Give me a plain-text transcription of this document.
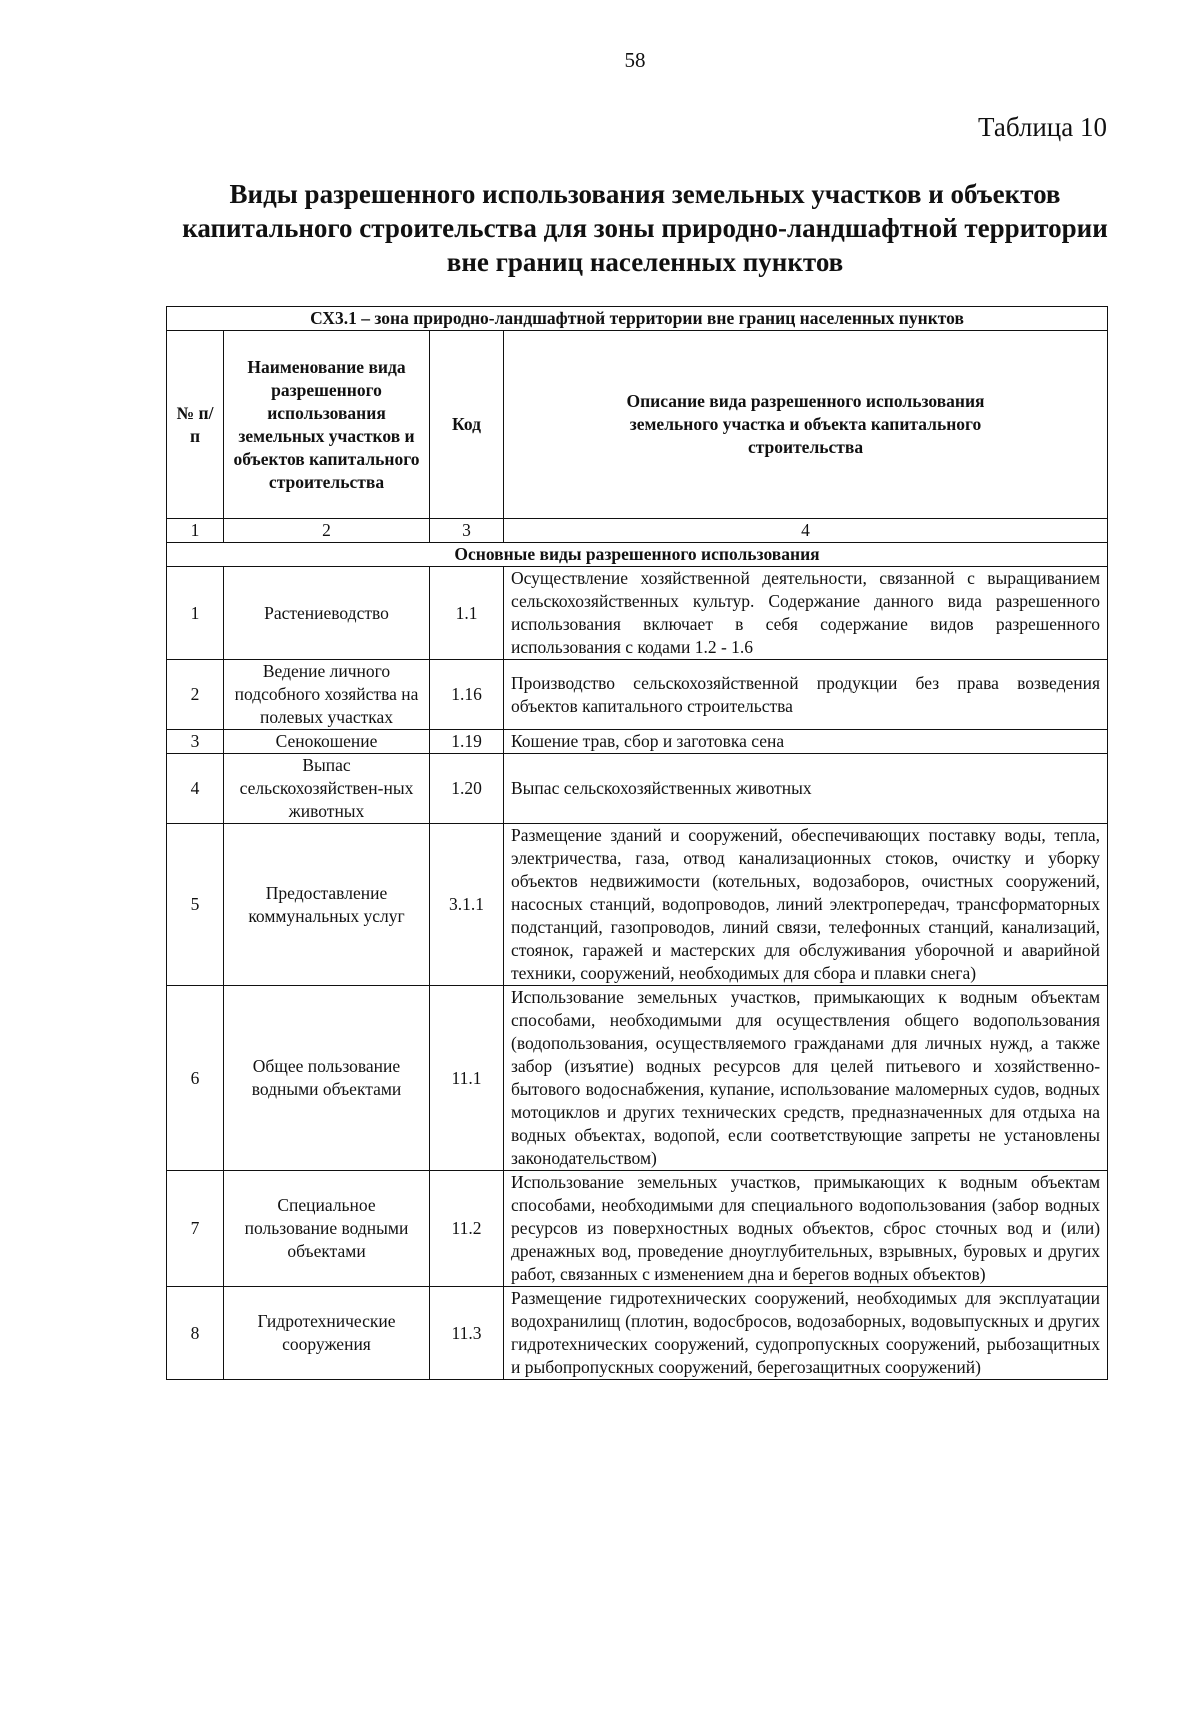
58
Таблица 10
Виды разрешенного использования земельных участков и объектов капитального строительства для зоны природно-ландшафтной территории вне границ населенных пунктов
СХ3.1 – зона природно-ландшафтной территории вне границ населенных пунктов			
№ п/п	Наименование вида разрешенного использования земельных участков и объектов капитального строительства	Код	Описание вида разрешенного использования земельного участка и объекта капитального строительства
1	2	3	4
Основные виды разрешенного использования			
1	Растениеводство	1.1	Осуществление хозяйственной деятельности, связанной с выращиванием сельскохозяйственных культур. Содержание данного вида разрешенного использования включает в себя содержание видов разрешенного использования с кодами 1.2 - 1.6
2	Ведение личного подсобного хозяйства на полевых участках	1.16	Производство сельскохозяйственной продукции без права возведения объектов капитального строительства
3	Сенокошение	1.19	Кошение трав, сбор и заготовка сена
4	Выпас сельскохозяйствен-ных животных	1.20	Выпас сельскохозяйственных животных
5	Предоставление коммунальных услуг	3.1.1	Размещение зданий и сооружений, обеспечивающих поставку воды, тепла, электричества, газа, отвод канализационных стоков, очистку и уборку объектов недвижимости (котельных, водозаборов, очистных сооружений, насосных станций, водопроводов, линий электропередач, трансформаторных подстанций, газопроводов, линий связи, телефонных станций, канализаций, стоянок, гаражей и мастерских для обслуживания уборочной и аварийной техники, сооружений, необходимых для сбора и плавки снега)
6	Общее пользование водными объектами	11.1	Использование земельных участков, примыкающих к водным объектам способами, необходимыми для осуществления общего водопользования (водопользования, осуществляемого гражданами для личных нужд, а также забор (изъятие) водных ресурсов для целей питьевого и хозяйственно-бытового водоснабжения, купание, использование маломерных судов, водных мотоциклов и других технических средств, предназначенных для отдыха на водных объектах, водопой, если соответствующие запреты не установлены законодательством)
7	Специальное пользование водными объектами	11.2	Использование земельных участков, примыкающих к водным объектам способами, необходимыми для специального водопользования (забор водных ресурсов из поверхностных водных объектов, сброс сточных вод и (или) дренажных вод, проведение дноуглубительных, взрывных, буровых и других работ, связанных с изменением дна и берегов водных объектов)
8	Гидротехнические сооружения	11.3	Размещение гидротехнических сооружений, необходимых для эксплуатации водохранилищ (плотин, водосбросов, водозаборных, водовыпускных и других гидротехнических сооружений, судопропускных сооружений, рыбозащитных и рыбопропускных сооружений, берегозащитных сооружений)
